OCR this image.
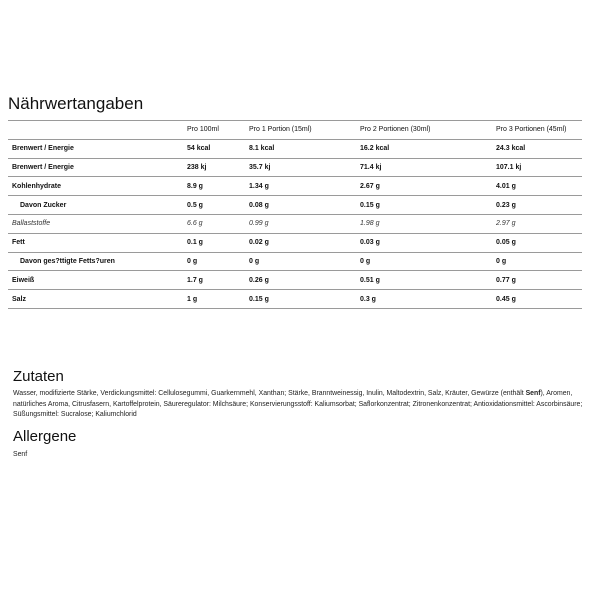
Nährwertangaben
	Pro 100ml	Pro 1 Portion (15ml)	Pro 2 Portionen (30ml)	Pro 3 Portionen (45ml)
Brenwert / Energie	54 kcal	8.1 kcal	16.2 kcal	24.3 kcal
Brenwert / Energie	238 kj	35.7 kj	71.4 kj	107.1 kj
Kohlenhydrate	8.9 g	1.34 g	2.67 g	4.01 g
Davon Zucker	0.5 g	0.08 g	0.15 g	0.23 g
Ballaststoffe	6.6 g	0.99 g	1.98 g	2.97 g
Fett	0.1 g	0.02 g	0.03 g	0.05 g
Davon ges?ttigte Fetts?uren	0 g	0 g	0 g	0 g
Eiweiß	1.7 g	0.26 g	0.51 g	0.77 g
Salz	1 g	0.15 g	0.3 g	0.45 g
Zutaten

Wasser, modifizierte Stärke, Verdickungsmittel: Cellulosegummi, Guarkernmehl, Xanthan; Stärke, Branntweinessig, Inulin, Maltodextrin, Salz, Kräuter, Gewürze (enthält Senf), Aromen, natürliches Aroma, Citrusfasern, Kartoffelprotein, Säureregulator: Milchsäure; Konservierungsstoff: Kaliumsorbat; Saflorkonzentrat; Zitronenkonzentrat; Antioxidationsmittel: Ascorbinsäure; Süßungsmittel: Sucralose; Kaliumchlorid

Allergene

Senf
